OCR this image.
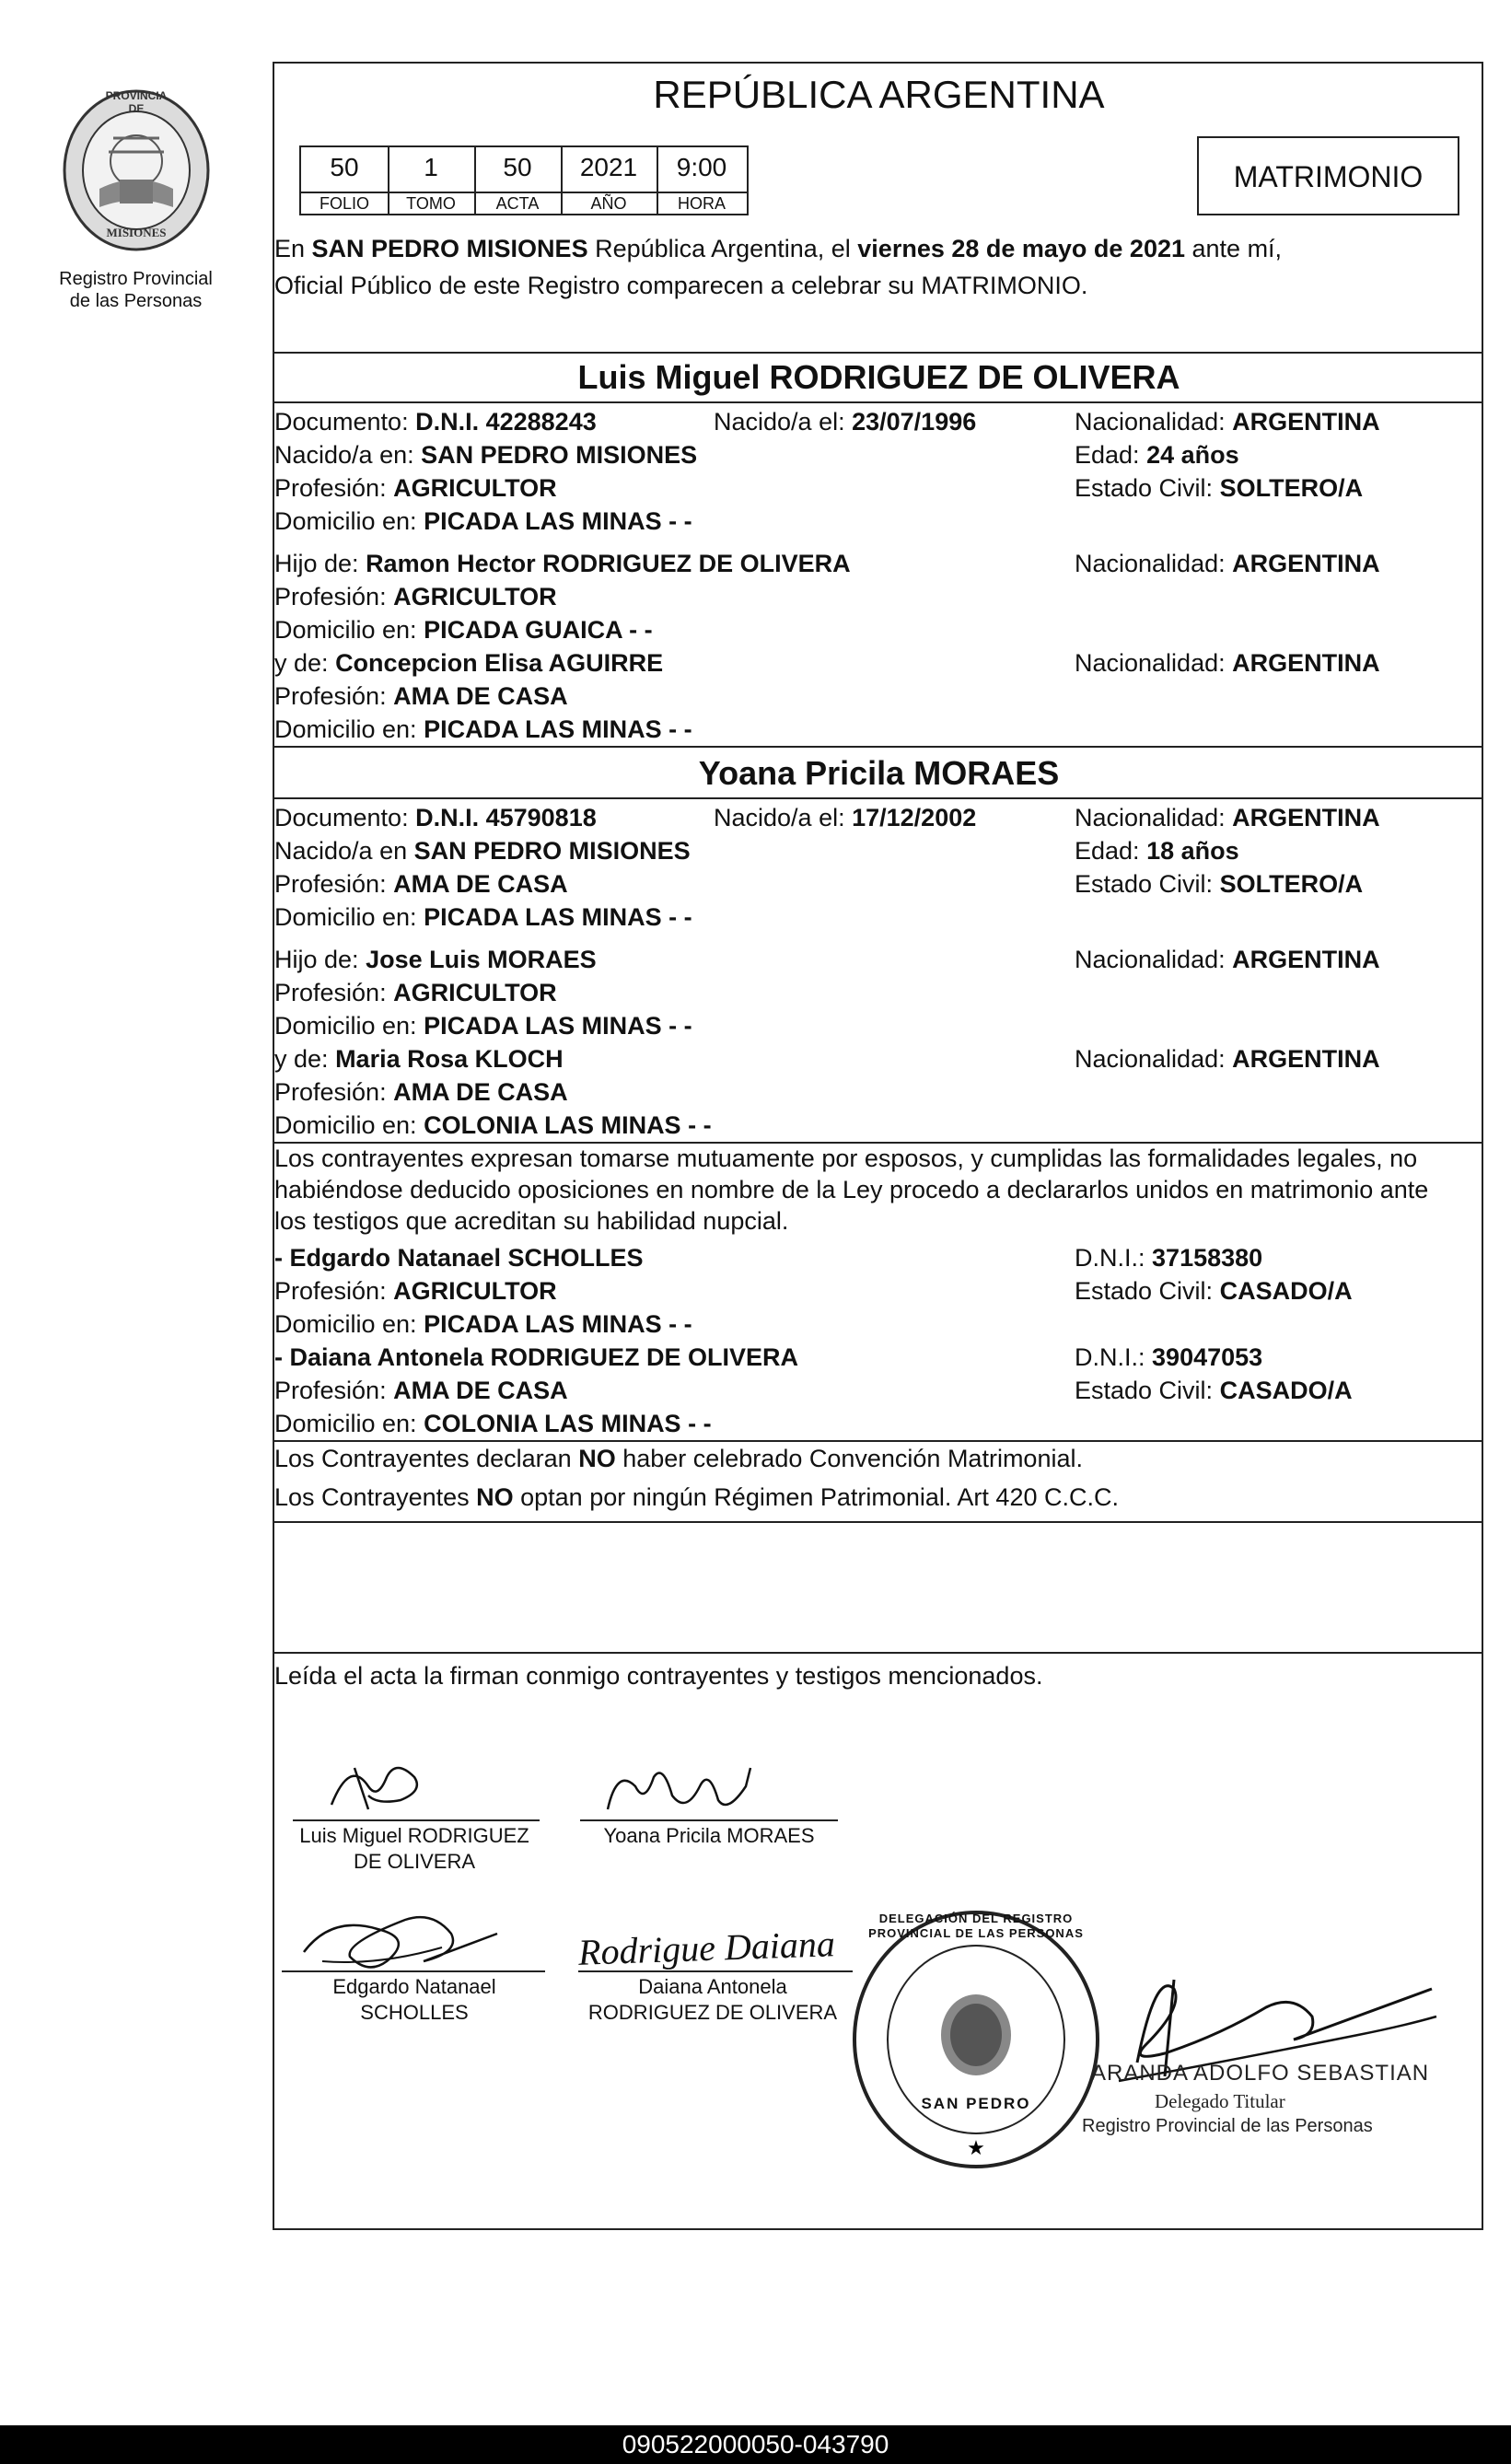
PROVINCIA DE
MISIONES
Registro Provincial
de las Personas
REPÚBLICA ARGENTINA
50	1	50	2021	9:00
FOLIO	TOMO	ACTA	AÑO	HORA
MATRIMONIO
En SAN PEDRO MISIONES República Argentina, el viernes 28 de mayo de 2021 ante mí,
Oficial Público de este Registro comparecen a celebrar su MATRIMONIO.
Luis Miguel RODRIGUEZ DE OLIVERA
Documento: D.N.I. 42288243	Nacido/a el: 23/07/1996	Nacionalidad: ARGENTINA
Nacido/a en: SAN PEDRO MISIONES	Edad: 24 años
Profesión: AGRICULTOR	Estado Civil: SOLTERO/A
Domicilio en: PICADA LAS MINAS - -
Hijo de: Ramon Hector RODRIGUEZ DE OLIVERA	Nacionalidad: ARGENTINA
Profesión: AGRICULTOR
Domicilio en: PICADA GUAICA - -
y de: Concepcion Elisa AGUIRRE	Nacionalidad: ARGENTINA
Profesión: AMA DE CASA
Domicilio en: PICADA LAS MINAS - -
Yoana Pricila MORAES
Documento: D.N.I. 45790818	Nacido/a el: 17/12/2002	Nacionalidad: ARGENTINA
Nacido/a en SAN PEDRO MISIONES	Edad: 18 años
Profesión: AMA DE CASA	Estado Civil: SOLTERO/A
Domicilio en: PICADA LAS MINAS - -
Hijo de: Jose Luis MORAES	Nacionalidad: ARGENTINA
Profesión: AGRICULTOR
Domicilio en: PICADA LAS MINAS - -
y de: Maria Rosa KLOCH	Nacionalidad: ARGENTINA
Profesión: AMA DE CASA
Domicilio en: COLONIA LAS MINAS - -
Los contrayentes expresan tomarse mutuamente por esposos, y cumplidas las formalidades legales, no
habiéndose deducido oposiciones en nombre de la Ley procedo a declararlos unidos en matrimonio ante
los testigos que acreditan su habilidad nupcial.
- Edgardo Natanael SCHOLLES	D.N.I.: 37158380
Profesión: AGRICULTOR	Estado Civil: CASADO/A
Domicilio en: PICADA LAS MINAS - -
- Daiana Antonela RODRIGUEZ DE OLIVERA	D.N.I.: 39047053
Profesión: AMA DE CASA	Estado Civil: CASADO/A
Domicilio en: COLONIA LAS MINAS - -
Los Contrayentes declaran NO haber celebrado Convención Matrimonial.
Los Contrayentes NO optan por ningún Régimen Patrimonial. Art 420 C.C.C.
Leída el acta la firman conmigo contrayentes y testigos mencionados.
Rodrigue Daiana
Luis Miguel RODRIGUEZ
DE OLIVERA
Yoana Pricila MORAES
Edgardo Natanael
SCHOLLES
Daiana Antonela
RODRIGUEZ DE OLIVERA
★
DELEGACIÓN DEL REGISTRO PROVINCIAL DE LAS PERSONAS
SAN PEDRO
ARANDA ADOLFO SEBASTIAN
Delegado Titular
Registro Provincial de las Personas
090522000050-043790
